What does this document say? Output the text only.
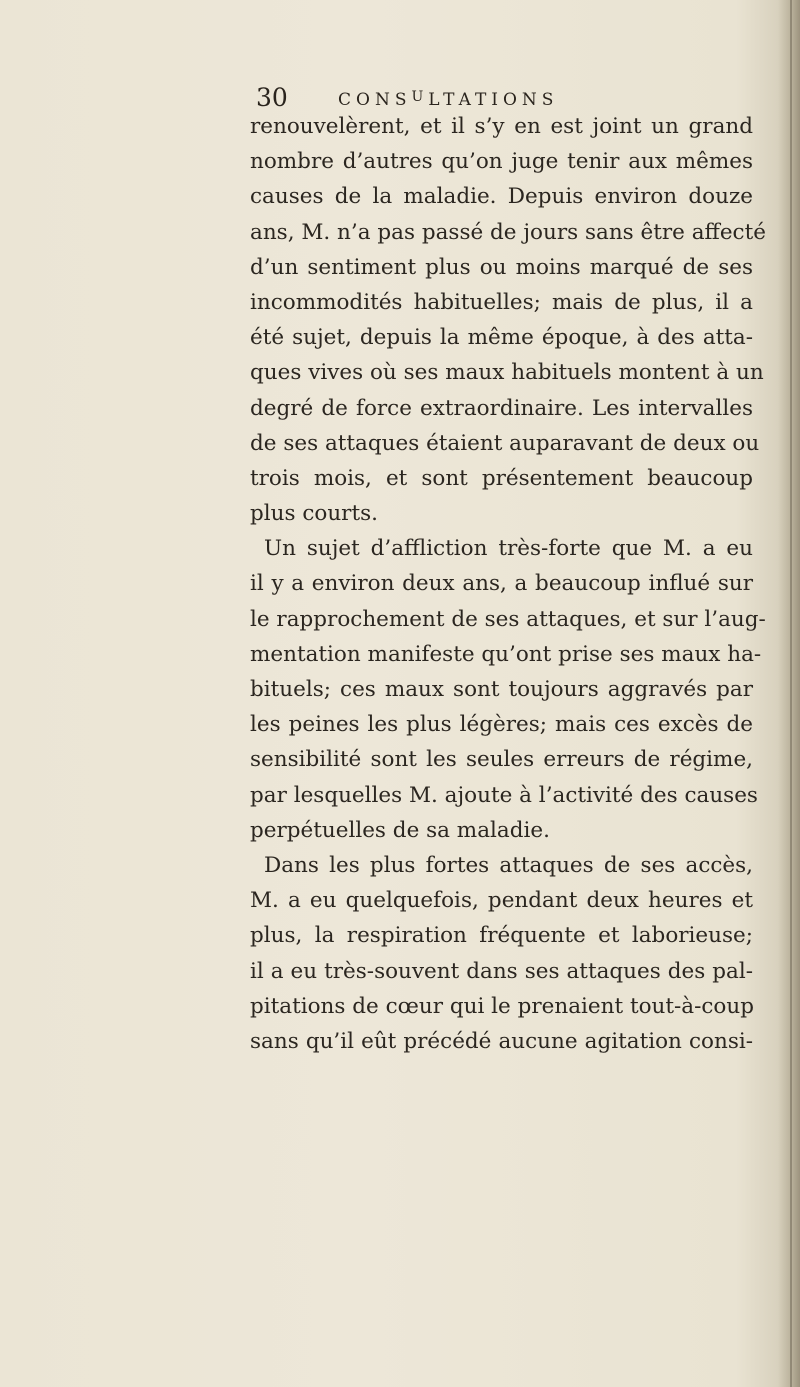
30	$CONS^ULTATIONS$
renouvelèrent, et il s’y en est joint un grand
nombre d’autres qu’on juge tenir aux mêmes
causes de la maladie. Depuis environ douze
ans, M. n’a pas passé de jours sans être affecté
d’un sentiment plus ou moins marqué de ses
incommodités habituelles; mais de plus, il a
été sujet, depuis la même époque, à des atta-
ques vives où ses maux habituels montent à un
degré de force extraordinaire. Les intervalles
de ses attaques étaient auparavant de deux ou
trois mois, et sont présentement beaucoup
plus courts.
Un sujet d’affliction très-forte que M. a eu
il y a environ deux ans, a beaucoup influé sur
le rapprochement de ses attaques, et sur l’aug-
mentation manifeste qu’ont prise ses maux ha-
bituels; ces maux sont toujours aggravés par
les peines les plus légères; mais ces excès de
sensibilité sont les seules erreurs de régime,
par lesquelles M. ajoute à l’activité des causes
perpétuelles de sa maladie.
Dans les plus fortes attaques de ses accès,
M. a eu quelquefois, pendant deux heures et
plus, la respiration fréquente et laborieuse;
il a eu très-souvent dans ses attaques des pal-
pitations de cœur qui le prenaient tout-à-coup
sans qu’il eût précédé aucune agitation consi-
